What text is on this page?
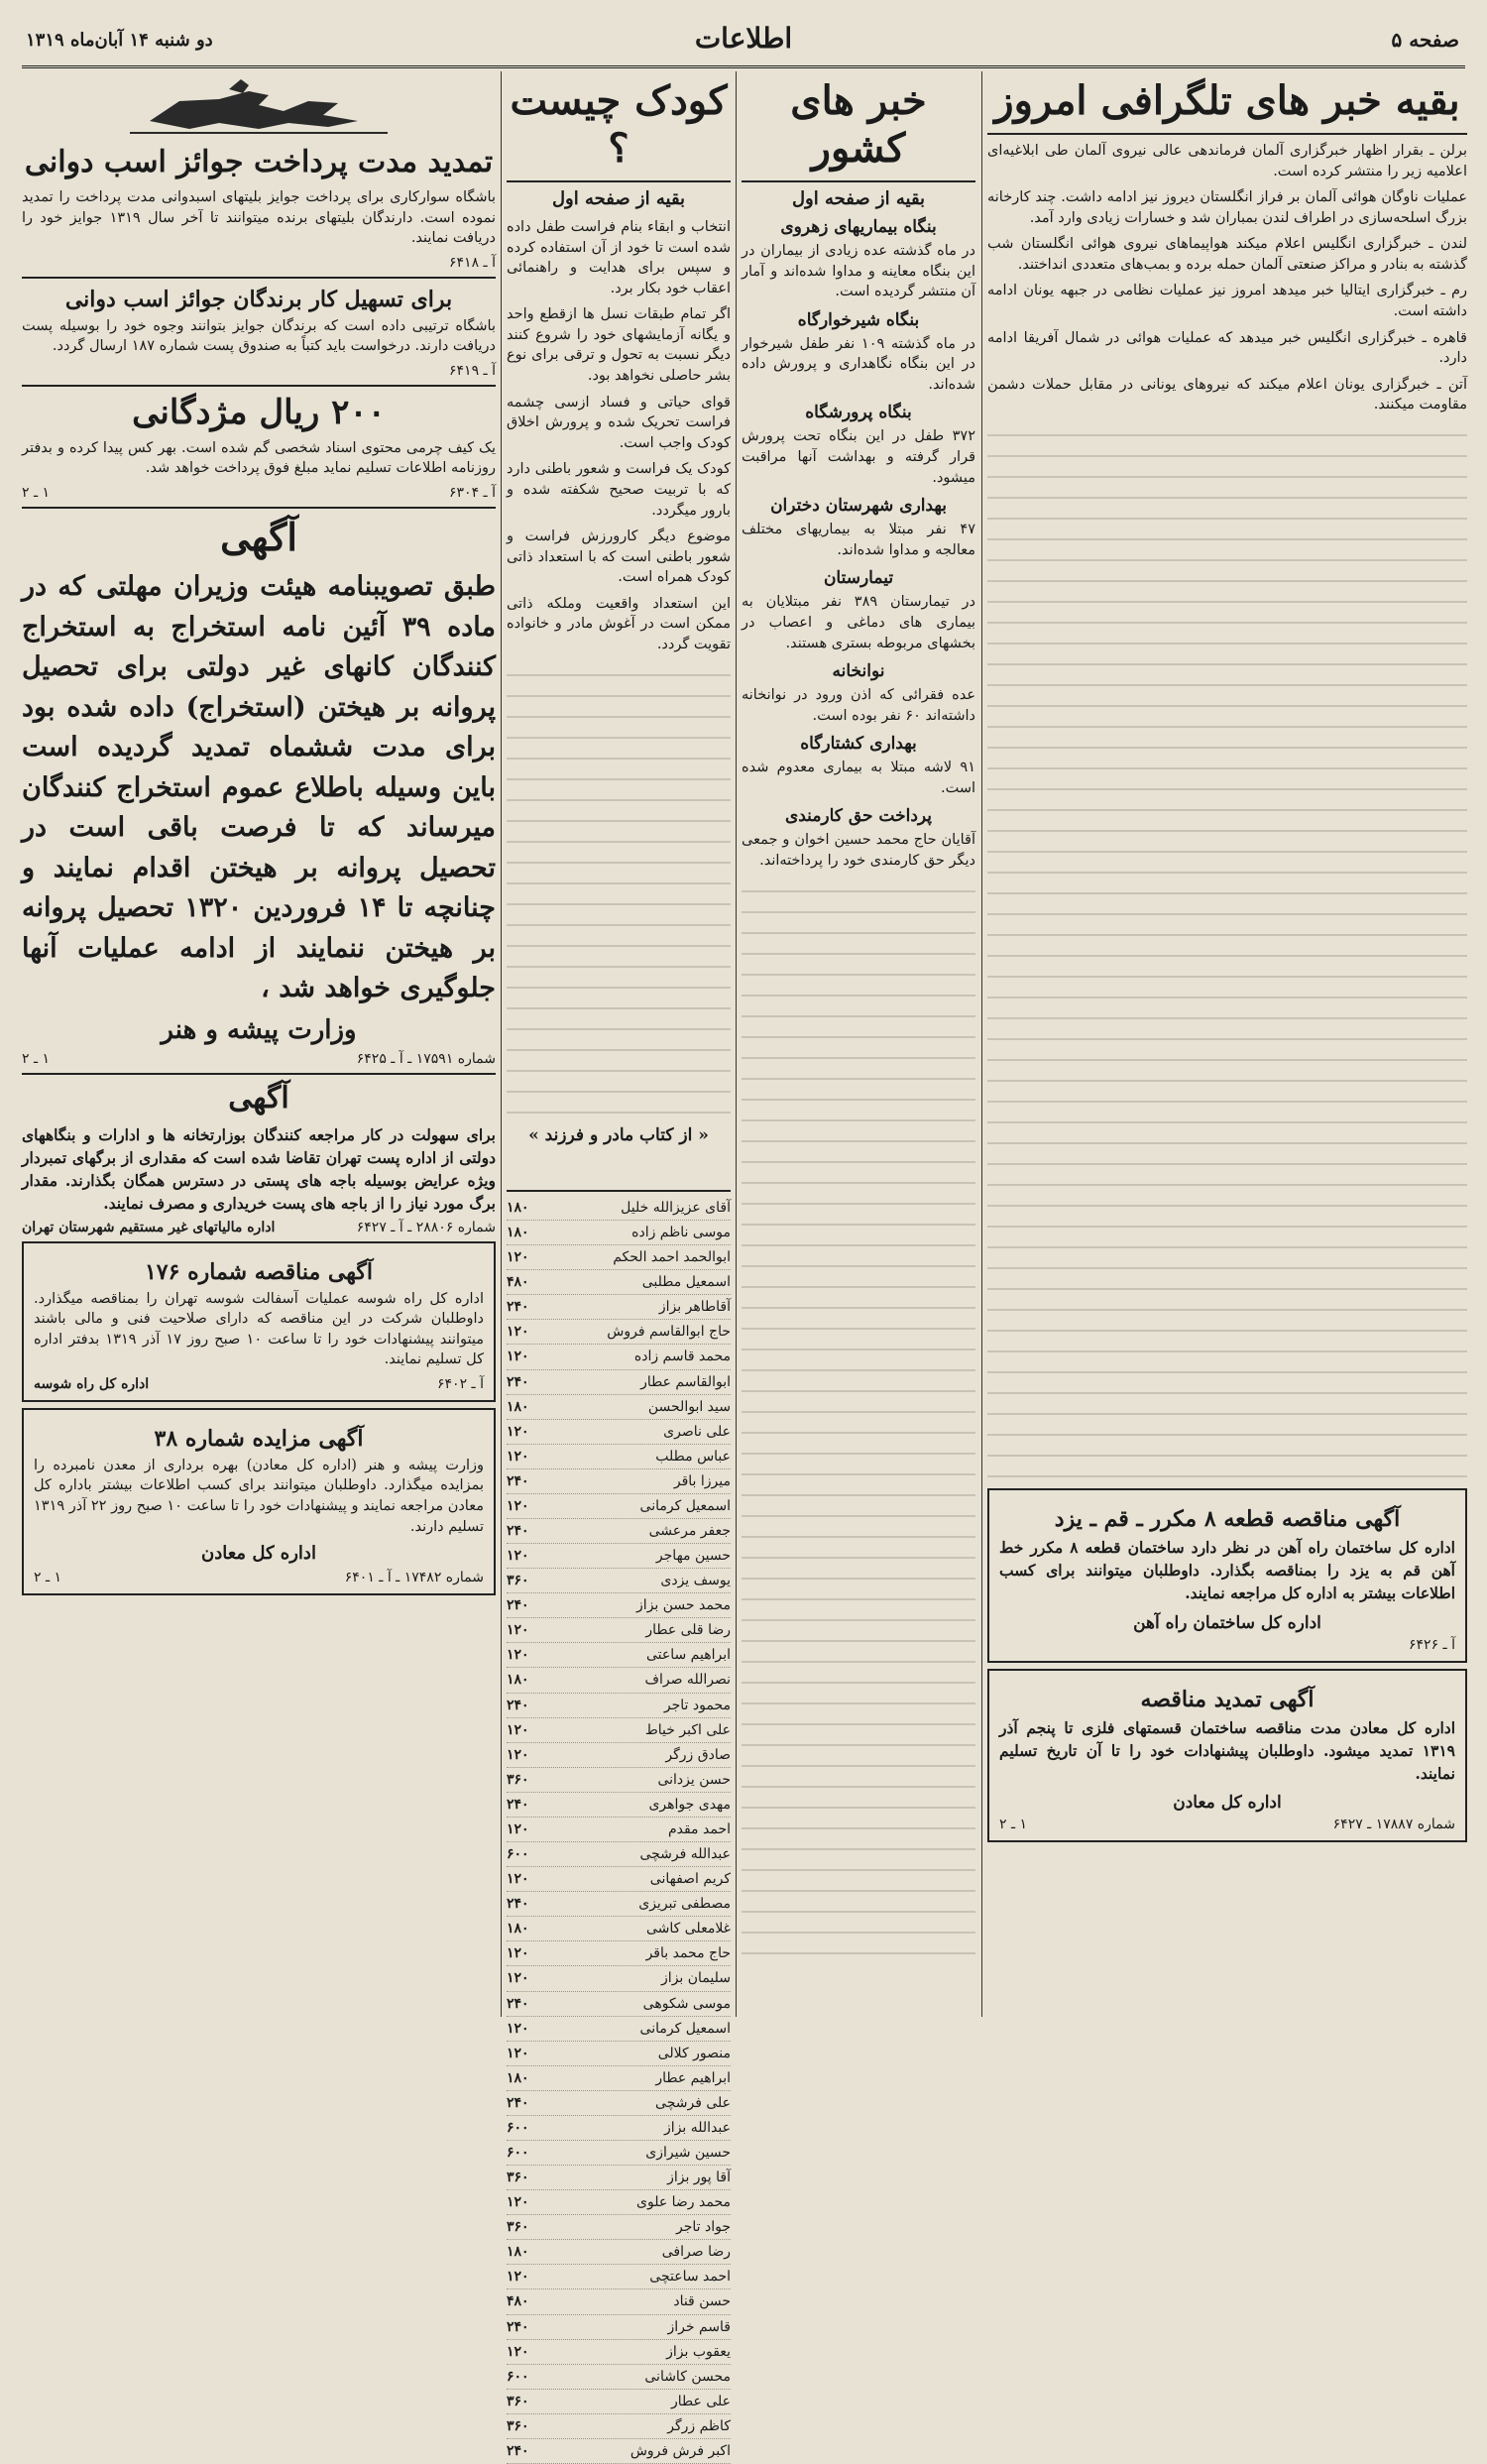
صفحه ۵
اطلاعات
دو شنبه ۱۴ آبان‌ماه ۱۳۱۹
بقیه خبر های تلگرافی امروز

برلن ـ بقرار اظهار خبرگزاری آلمان فرماندهی عالی نیروی آلمان طی ابلاغیه‌ای اعلامیه زیر را منتشر کرده است.

عملیات ناوگان هوائی آلمان بر فراز انگلستان دیروز نیز ادامه داشت. چند کارخانه بزرگ اسلحه‌سازی در اطراف لندن بمباران شد و خسارات زیادی وارد آمد.

لندن ـ خبرگزاری انگلیس اعلام میکند هواپیماهای نیروی هوائی انگلستان شب گذشته به بنادر و مراکز صنعتی آلمان حمله برده و بمب‌های متعددی انداختند.

رم ـ خبرگزاری ایتالیا خبر میدهد امروز نیز عملیات نظامی در جبهه یونان ادامه داشته است.

قاهره ـ خبرگزاری انگلیس خبر میدهد که عملیات هوائی در شمال آفریقا ادامه دارد.

آتن ـ خبرگزاری یونان اعلام میکند که نیروهای یونانی در مقابل حملات دشمن مقاومت میکنند.

آگهی مناقصه قطعه ۸ مکرر ـ قم ـ یزد
اداره کل ساختمان راه آهن در نظر دارد ساختمان قطعه ۸ مکرر خط آهن قم به یزد را بمناقصه بگذارد. داوطلبان میتوانند برای کسب اطلاعات بیشتر به اداره کل مراجعه نمایند.
اداره کل ساختمان راه آهن
آ ـ ۶۴۲۶
آگهی تمدید مناقصه
اداره کل معادن مدت مناقصه ساختمان قسمتهای فلزی تا پنجم آذر ۱۳۱۹ تمدید میشود. داوطلبان پیشنهادات خود را تا آن تاریخ تسلیم نمایند.
اداره کل معادن
شماره ۱۷۸۸۷ ـ ۶۴۲۷
۱ ـ ۲
خبر های کشور
بقیه از صفحه اول
بنگاه بیماریهای زهروی

در ماه گذشته عده زیادی از بیماران در این بنگاه معاینه و مداوا شده‌اند و آمار آن منتشر گردیده است.

بنگاه شیرخوارگاه

در ماه گذشته ۱۰۹ نفر طفل شیرخوار در این بنگاه نگاهداری و پرورش داده شده‌اند.

بنگاه پرورشگاه

۳۷۲ طفل در این بنگاه تحت پرورش قرار گرفته و بهداشت آنها مراقبت میشود.

بهداری شهرستان دختران

۴۷ نفر مبتلا به بیماریهای مختلف معالجه و مداوا شده‌اند.

تیمارستان

در تیمارستان ۳۸۹ نفر مبتلایان به بیماری های دماغی و اعصاب در بخشهای مربوطه بستری هستند.

نوانخانه

عده فقرائی که اذن ورود در نوانخانه داشته‌اند ۶۰ نفر بوده است.

بهداری کشتارگاه

۹۱ لاشه مبتلا به بیماری معدوم شده است.

پرداخت حق کارمندی

آقایان حاج محمد حسین اخوان و جمعی دیگر حق کارمندی خود را پرداخته‌اند.

کودک چیست ؟
بقیه از صفحه اول

انتخاب و ابقاء بنام فراست طفل داده شده است تا خود از آن استفاده کرده و سپس برای هدایت و راهنمائی اعقاب خود بکار برد.

اگر تمام طبقات نسل ها ازقطع واحد و یگانه آزمایشهای خود را شروع کنند دیگر نسبت به تحول و ترقی برای نوع بشر حاصلی نخواهد بود.

قوای حیاتی و فساد ازسی چشمه فراست تحریک شده و پرورش اخلاق کودک واجب است.

کودک یک فراست و شعور باطنی دارد که با تربیت صحیح شکفته شده و بارور میگردد.

موضوع دیگر کارورزش فراست و شعور باطنی است که با استعداد ذاتی کودک همراه است.

این استعداد واقعیت وملکه ذاتی ممکن است در آغوش مادر و خانواده تقویت گردد.

« از کتاب مادر و فرزند »
آقای عزیزالله خلیل
۱۸۰
موسی ناظم زاده
۱۸۰
ابوالحمد احمد الحکم
۱۲۰
اسمعیل مطلبی
۴۸۰
آقاطاهر بزاز
۲۴۰
حاج ابوالقاسم فروش
۱۲۰
محمد قاسم زاده
۱۲۰
ابوالقاسم عطار
۲۴۰
سید ابوالحسن
۱۸۰
علی ناصری
۱۲۰
عباس مطلب
۱۲۰
میرزا باقر
۲۴۰
اسمعیل کرمانی
۱۲۰
جعفر مرعشی
۲۴۰
حسین مهاجر
۱۲۰
یوسف یزدی
۳۶۰
محمد حسن بزاز
۲۴۰
رضا قلی عطار
۱۲۰
ابراهیم ساعتی
۱۲۰
نصرالله صراف
۱۸۰
محمود تاجر
۲۴۰
علی اکبر خیاط
۱۲۰
صادق زرگر
۱۲۰
حسن یزدانی
۳۶۰
مهدی جواهری
۲۴۰
احمد مقدم
۱۲۰
عبدالله فرشچی
۶۰۰
کریم اصفهانی
۱۲۰
مصطفی تبریزی
۲۴۰
غلامعلی کاشی
۱۸۰
حاج محمد باقر
۱۲۰
سلیمان بزاز
۱۲۰
موسی شکوهی
۲۴۰
اسمعیل کرمانی
۱۲۰
منصور کلالی
۱۲۰
ابراهیم عطار
۱۸۰
علی فرشچی
۲۴۰
عبدالله بزاز
۶۰۰
حسین شیرازی
۶۰۰
آقا پور بزاز
۳۶۰
محمد رضا علوی
۱۲۰
جواد تاجر
۳۶۰
رضا صرافی
۱۸۰
احمد ساعتچی
۱۲۰
حسن قناد
۴۸۰
قاسم خراز
۲۴۰
یعقوب بزاز
۱۲۰
محسن کاشانی
۶۰۰
علی عطار
۳۶۰
کاظم زرگر
۳۶۰
اکبر فرش فروش
۲۴۰
تمدید مدت پرداخت جوائز اسب دوانی

باشگاه سوارکاری برای پرداخت جوایز بلیتهای اسبدوانی مدت پرداخت را تمدید نموده است. دارندگان بلیتهای برنده میتوانند تا آخر سال ۱۳۱۹ جوایز خود را دریافت نمایند.

آ ـ ۶۴۱۸
برای تسهیل کار برندگان جوائز اسب دوانی

باشگاه ترتیبی داده است که برندگان جوایز بتوانند وجوه خود را بوسیله پست دریافت دارند. درخواست باید کتباً به صندوق پست شماره ۱۸۷ ارسال گردد.

آ ـ ۶۴۱۹
۲۰۰ ریال مژدگانی

یک کیف چرمی محتوی اسناد شخصی گم شده است. بهر کس پیدا کرده و بدفتر روزنامه اطلاعات تسلیم نماید مبلغ فوق پرداخت خواهد شد.

آ ـ ۶۳۰۴
۱ ـ ۲
آگهی
طبق تصویبنامه هیئت وزیران مهلتی که در ماده ۳۹ آئین نامه استخراج به استخراج کنندگان کانهای غیر دولتی برای تحصیل پروانه بر هیختن (استخراج) داده شده بود برای مدت ششماه تمدید گردیده است باین وسیله باطلاع عموم استخراج کنندگان میرساند که تا فرصت باقی است در تحصیل پروانه بر هیختن اقدام نمایند و چنانچه تا ۱۴ فروردین ۱۳۲۰ تحصیل پروانه بر هیختن ننمایند از ادامه عملیات آنها جلوگیری خواهد شد ،
وزارت پیشه و هنر
شماره ۱۷۵۹۱ ـ آ ـ ۶۴۲۵
۱ ـ ۲
آگهی
برای سهولت در کار مراجعه کنندگان بوزارتخانه ها و ادارات و بنگاههای دولتی از اداره پست تهران تقاضا شده است که مقداری از برگهای تمبردار ویژه عرایض بوسیله باجه های پستی در دسترس همگان بگذارند. مقدار برگ مورد نیاز را از باجه های پست خریداری و مصرف نمایند.
شماره ۲۸۸۰۶ ـ آ ـ ۶۴۲۷
اداره مالیاتهای غیر مستقیم شهرستان تهران
آگهی مناقصه شماره ۱۷۶
اداره کل راه شوسه عملیات آسفالت شوسه تهران را بمناقصه میگذارد. داوطلبان شرکت در این مناقصه که دارای صلاحیت فنی و مالی باشند میتوانند پیشنهادات خود را تا ساعت ۱۰ صبح روز ۱۷ آذر ۱۳۱۹ بدفتر اداره کل تسلیم نمایند.
آ ـ ۶۴۰۲
اداره کل راه شوسه
آگهی مزایده شماره ۳۸
وزارت پیشه و هنر (اداره کل معادن) بهره برداری از معدن نامبرده را بمزایده میگذارد. داوطلبان میتوانند برای کسب اطلاعات بیشتر باداره کل معادن مراجعه نمایند و پیشنهادات خود را تا ساعت ۱۰ صبح روز ۲۲ آذر ۱۳۱۹ تسلیم دارند.
اداره کل معادن
شماره ۱۷۴۸۲ ـ آ ـ ۶۴۰۱
۱ ـ ۲
